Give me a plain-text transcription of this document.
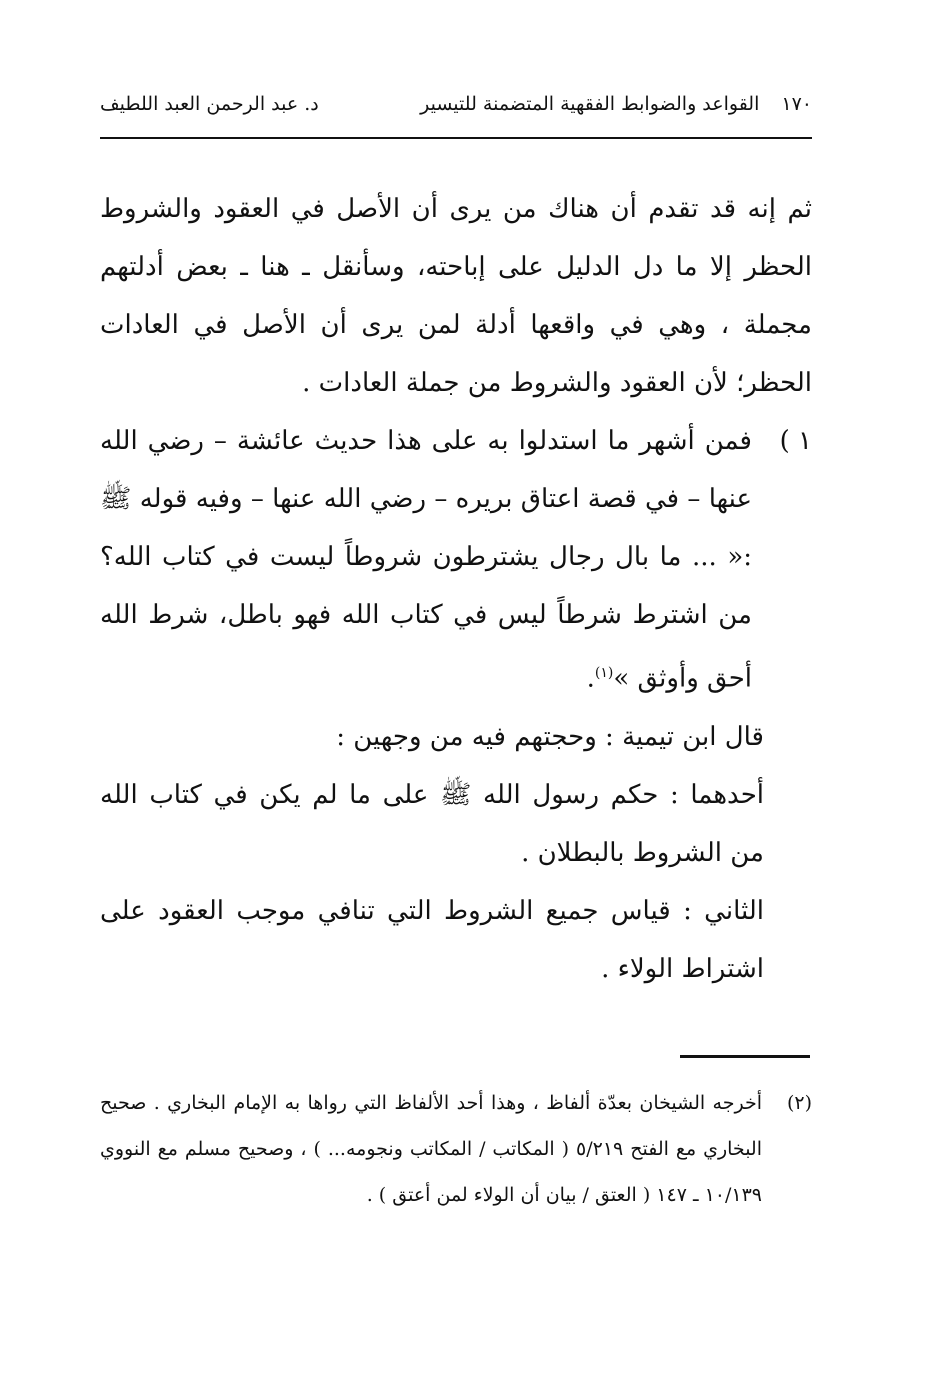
١٧٠
القواعد والضوابط الفقهية المتضمنة للتيسير
د. عبد الرحمن العبد اللطيف

ثم إنه قد تقدم أن هناك من يرى أن الأصل في العقود والشروط الحظر إلا ما دل الدليل على إباحته، وسأنقل ـ هنا ـ بعض أدلتهم مجملة ، وهي في واقعها أدلة لمن يرى أن الأصل في العادات الحظر؛ لأن العقود والشروط من جملة العادات .

١ )
فمن أشهر ما استدلوا به على هذا حديث عائشة – رضي الله عنها – في قصة اعتاق بريره – رضي الله عنها – وفيه قوله ﷺ :« ... ما بال رجال يشترطون شروطاً ليست في كتاب الله؟ من اشترط شرطاً ليس في كتاب الله فهو باطل، شرط الله أحق وأوثق »$^{(١)}$.

قال ابن تيمية : وحجتهم فيه من وجهين :

أحدهما : حكم رسول الله ﷺ على ما لم يكن في كتاب الله من الشروط بالبطلان .

الثاني : قياس جميع الشروط التي تنافي موجب العقود على اشتراط الولاء .

(٢)
أخرجه الشيخان بعدّة ألفاظ ، وهذا أحد الألفاظ التي رواها به الإمام البخاري . صحيح البخاري مع الفتح ٥/٢١٩ ( المكاتب / المكاتب ونجومه... ) ، وصحيح مسلم مع النووي ١٠/١٣٩ ـ ١٤٧ ( العتق / بيان أن الولاء لمن أعتق ) .
